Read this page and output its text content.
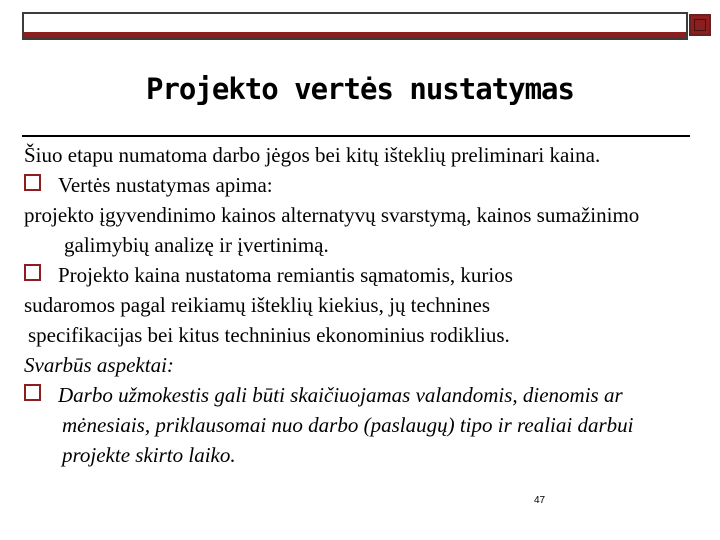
Projekto vertės nustatymas

Šiuo etapu numatoma darbo jėgos bei kitų išteklių preliminari kaina.

Vertės nustatymas apima:

projekto įgyvendinimo kainos alternatyvų svarstymą, kainos sumažinimo galimybių analizę ir įvertinimą.

Projekto kaina nustatoma remiantis sąmatomis, kurios

sudaromos pagal reikiamų išteklių kiekius, jų technines

specifikacijas bei kitus techninius ekonominius rodiklius.

Svarbūs aspektai:

Darbo užmokestis gali būti skaičiuojamas valandomis, dienomis ar mėnesiais, priklausomai nuo darbo (paslaugų) tipo ir realiai darbui projekte skirto laiko.

47
